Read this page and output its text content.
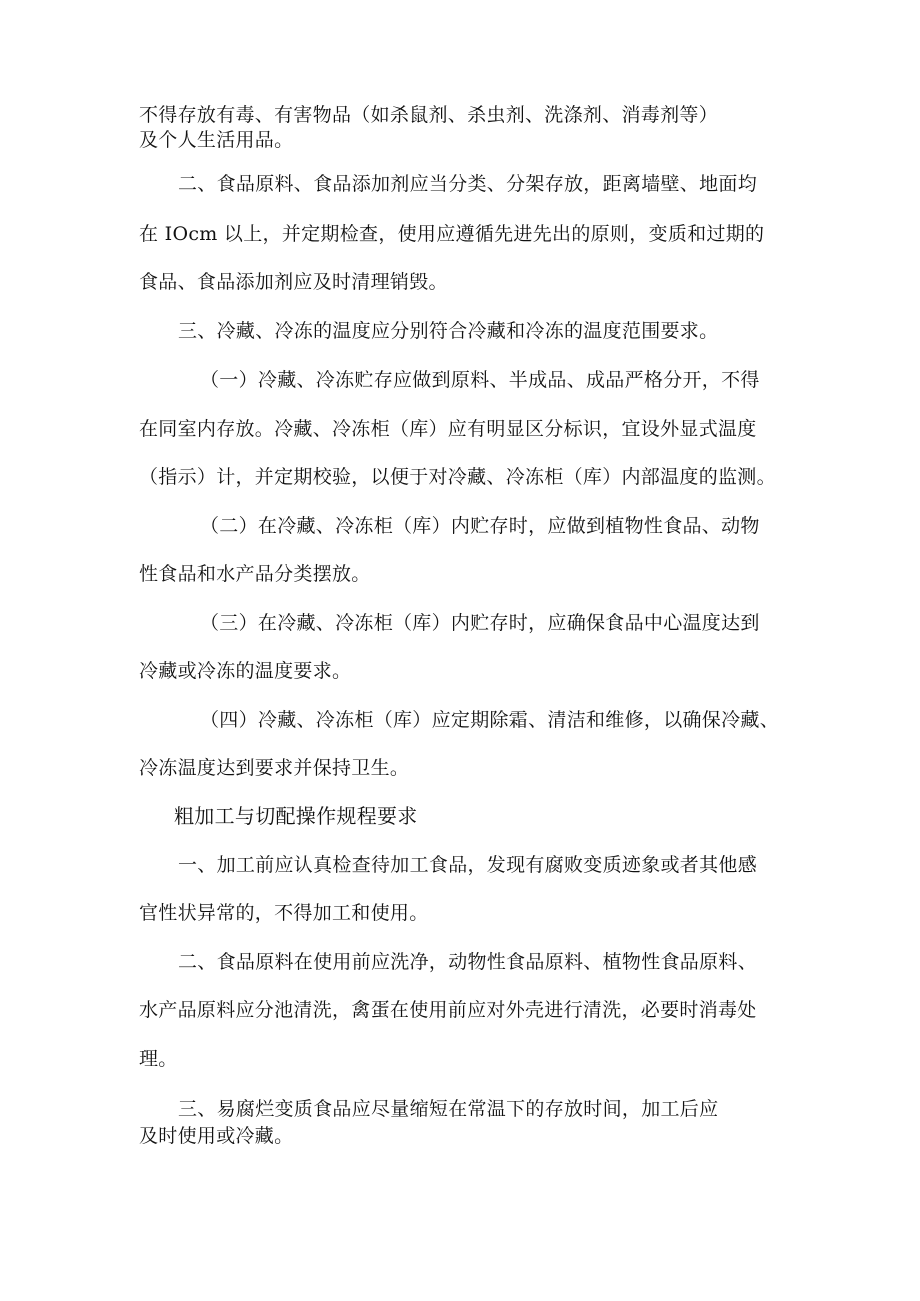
不得存放有毒、有害物品（如杀鼠剂、杀虫剂、洗涤剂、消毒剂等）
及个人生活用品。
二、食品原料、食品添加剂应当分类、分架存放，距离墙壁、地面均
在 IOcm 以上，并定期检查，使用应遵循先进先出的原则，变质和过期的
食品、食品添加剂应及时清理销毁。
三、冷藏、冷冻的温度应分别符合冷藏和冷冻的温度范围要求。
（一）冷藏、冷冻贮存应做到原料、半成品、成品严格分开，不得
在同室内存放。冷藏、冷冻柜（库）应有明显区分标识，宜设外显式温度
（指示）计，并定期校验，以便于对冷藏、冷冻柜（库）内部温度的监测。
（二）在冷藏、冷冻柜（库）内贮存时，应做到植物性食品、动物
性食品和水产品分类摆放。
（三）在冷藏、冷冻柜（库）内贮存时，应确保食品中心温度达到
冷藏或冷冻的温度要求。
（四）冷藏、冷冻柜（库）应定期除霜、清洁和维修，以确保冷藏、
冷冻温度达到要求并保持卫生。
粗加工与切配操作规程要求
一、加工前应认真检查待加工食品，发现有腐败变质迹象或者其他感
官性状异常的，不得加工和使用。
二、食品原料在使用前应洗净，动物性食品原料、植物性食品原料、
水产品原料应分池清洗，禽蛋在使用前应对外壳进行清洗，必要时消毒处
理。
三、易腐烂变质食品应尽量缩短在常温下的存放时间，加工后应
及时使用或冷藏。
